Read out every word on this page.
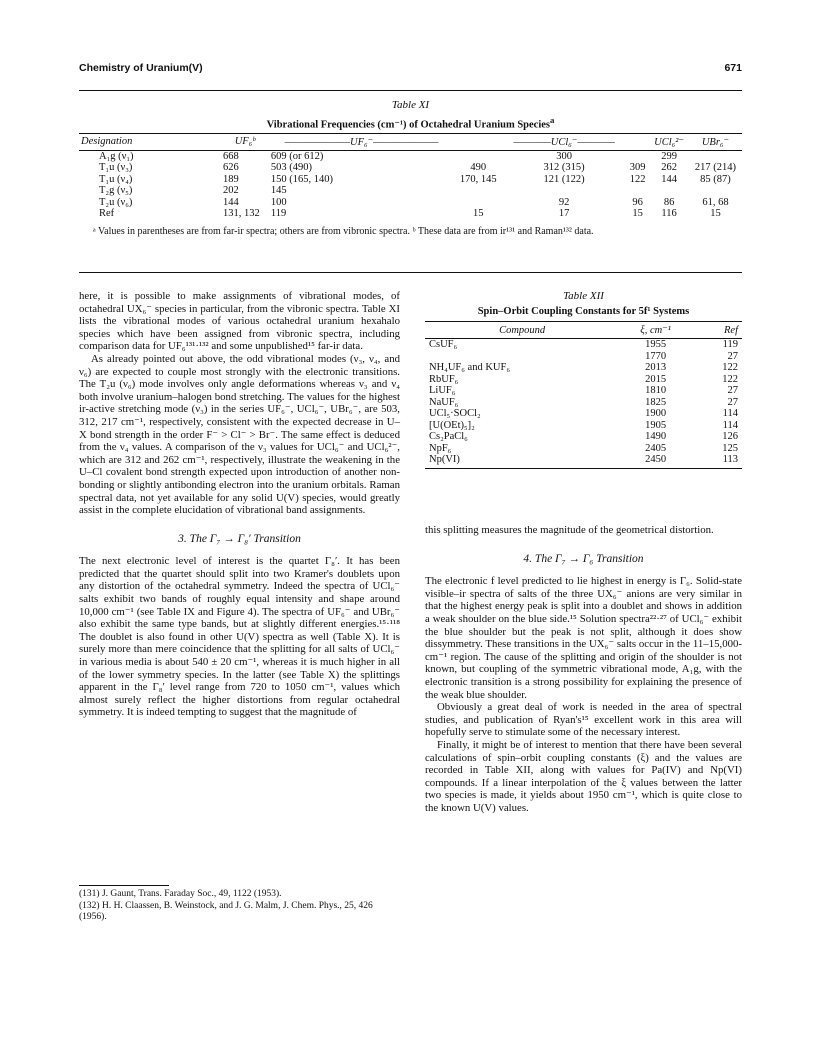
Chemistry of Uranium(V)	671
Table XI
Vibrational Frequencies (cm⁻¹) of Octahedral Uranium Species$^a$
Designation	UF₆ᵇ	———————UF₆⁻———————		————UCl₆⁻————		UCl₆²⁻	UBr₆⁻
A₁g (ν₁)	668	609 (or 612)		300		299	
T₁u (ν₃)	626	503 (490)	490	312 (315)	309	262	217 (214)
T₁u (ν₄)	189	150 (165, 140)	170, 145	121 (122)	122	144	85 (87)
T₂g (ν₅)	202	145					
T₂u (ν₆)	144	100		92	96	86	61, 68
Ref	131, 132	119	15	17	15	116	15
ᵃ Values in parentheses are from far-ir spectra; others are from vibronic spectra. ᵇ These data are from ir¹³¹ and Raman¹³² data.

here, it is possible to make assignments of vibrational modes, of octahedral UX₆⁻ species in particular, from the vibronic spectra. Table XI lists the vibrational modes of various octahedral uranium hexahalo species which have been assigned from vibronic spectra, including comparison data for UF₆¹³¹·¹³² and some unpublished¹⁵ far-ir data.

As already pointed out above, the odd vibrational modes (ν₃, ν₄, and ν₆) are expected to couple most strongly with the electronic transitions. The T₂u (ν₆) mode involves only angle deformations whereas ν₃ and ν₄ both involve uranium–halogen bond stretching. The values for the highest ir-active stretching mode (ν₃) in the series UF₆⁻, UCl₆⁻, UBr₆⁻, are 503, 312, 217 cm⁻¹, respectively, consistent with the expected decrease in U–X bond strength in the order F⁻ > Cl⁻ > Br⁻. The same effect is deduced from the ν₄ values. A comparison of the ν₃ values for UCl₆⁻ and UCl₆²⁻, which are 312 and 262 cm⁻¹, respectively, illustrate the weakening in the U–Cl covalent bond strength expected upon introduction of another non-bonding or slightly antibonding electron into the uranium orbitals. Raman spectral data, not yet available for any solid U(V) species, would greatly assist in the complete elucidation of vibrational band assignments.

3. The Γ₇ → Γ₈′ Transition

The next electronic level of interest is the quartet Γ₈′. It has been predicted that the quartet should split into two Kramer's doublets upon any distortion of the octahedral symmetry. Indeed the spectra of UCl₆⁻ salts exhibit two bands of roughly equal intensity and shape around 10,000 cm⁻¹ (see Table IX and Figure 4). The spectra of UF₆⁻ and UBr₆⁻ also exhibit the same type bands, but at slightly different energies.¹⁵·¹¹⁸ The doublet is also found in other U(V) spectra as well (Table X). It is surely more than mere coincidence that the splitting for all salts of UCl₆⁻ in various media is about 540 ± 20 cm⁻¹, whereas it is much higher in all of the lower symmetry species. In the latter (see Table X) the splittings apparent in the Γ₈′ level range from 720 to 1050 cm⁻¹, values which almost surely reflect the higher distortions from regular octahedral symmetry. It is indeed tempting to suggest that the magnitude of

(131) J. Gaunt, Trans. Faraday Soc., 49, 1122 (1953).
(132) H. H. Claassen, B. Weinstock, and J. G. Malm, J. Chem. Phys., 25, 426 (1956).
Table XII
Spin–Orbit Coupling Constants for 5f¹ Systems
Compound	ξ, cm⁻¹	Ref
CsUF₆	1955	119
	1770	27
NH₄UF₆ and KUF₆	2013	122
RbUF₆	2015	122
LiUF₆	1810	27
NaUF₆	1825	27
UCl₅·SOCl₂	1900	114
[U(OEt)₅]₂	1905	114
Cs₂PaCl₆	1490	126
NpF₆	2405	125
Np(VI)	2450	113

this splitting measures the magnitude of the geometrical distortion.

4. The Γ₇ → Γ₆ Transition

The electronic f level predicted to lie highest in energy is Γ₆. Solid-state visible–ir spectra of salts of the three UX₆⁻ anions are very similar in that the highest energy peak is split into a doublet and shows in addition a weak shoulder on the blue side.¹⁵ Solution spectra²²·²⁷ of UCl₆⁻ exhibit the blue shoulder but the peak is not split, although it does show dissymmetry. These transitions in the UX₆⁻ salts occur in the 11–15,000-cm⁻¹ region. The cause of the splitting and origin of the shoulder is not known, but coupling of the symmetric vibrational mode, A₁g, with the electronic transition is a strong possibility for explaining the presence of the weak blue shoulder.

Obviously a great deal of work is needed in the area of spectral studies, and publication of Ryan's¹⁵ excellent work in this area will hopefully serve to stimulate some of the necessary interest.

Finally, it might be of interest to mention that there have been several calculations of spin–orbit coupling constants (ξ) and the values are recorded in Table XII, along with values for Pa(IV) and Np(VI) compounds. If a linear interpolation of the ξ values between the latter two species is made, it yields about 1950 cm⁻¹, which is quite close to the known U(V) values.
